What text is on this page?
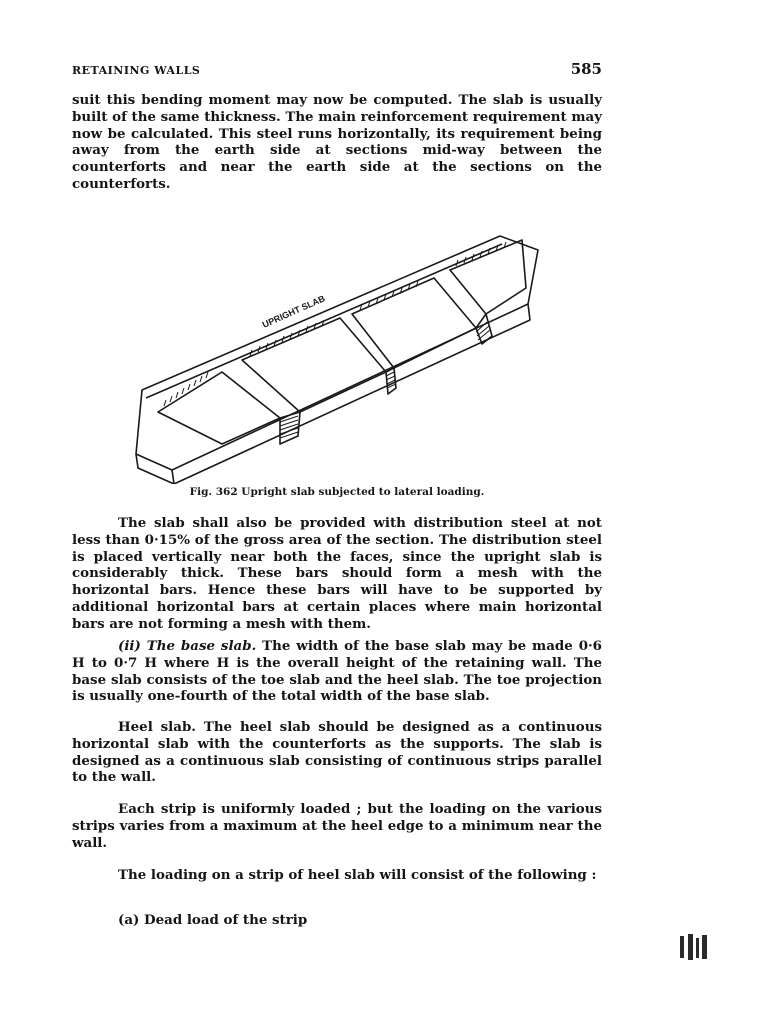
RETAINING WALLS	585

suit this bending moment may now be computed. The slab is usually built of the same thickness. The main reinforcement requirement may now be calculated. This steel runs horizontally, its requirement being away from the earth side at sections mid-way between the counterforts and near the earth side at the sections on the counterforts.

UPRIGHT SLAB

Fig. 362 Upright slab subjected to lateral loading.

The slab shall also be provided with distribution steel at not less than 0·15% of the gross area of the section. The distribution steel is placed vertically near both the faces, since the upright slab is considerably thick. These bars should form a mesh with the horizontal bars. Hence these bars will have to be supported by additional horizontal bars at certain places where main horizontal bars are not forming a mesh with them.

(ii) The base slab. The width of the base slab may be made 0·6 H to 0·7 H where H is the overall height of the retaining wall. The base slab consists of the toe slab and the heel slab. The toe projection is usually one-fourth of the total width of the base slab.

Heel slab. The heel slab should be designed as a continuous horizontal slab with the counterforts as the supports. The slab is designed as a continuous slab consisting of continuous strips parallel to the wall.

Each strip is uniformly loaded ; but the loading on the various strips varies from a maximum at the heel edge to a minimum near the wall.

The loading on a strip of heel slab will consist of the following :

(a) Dead load of the strip
